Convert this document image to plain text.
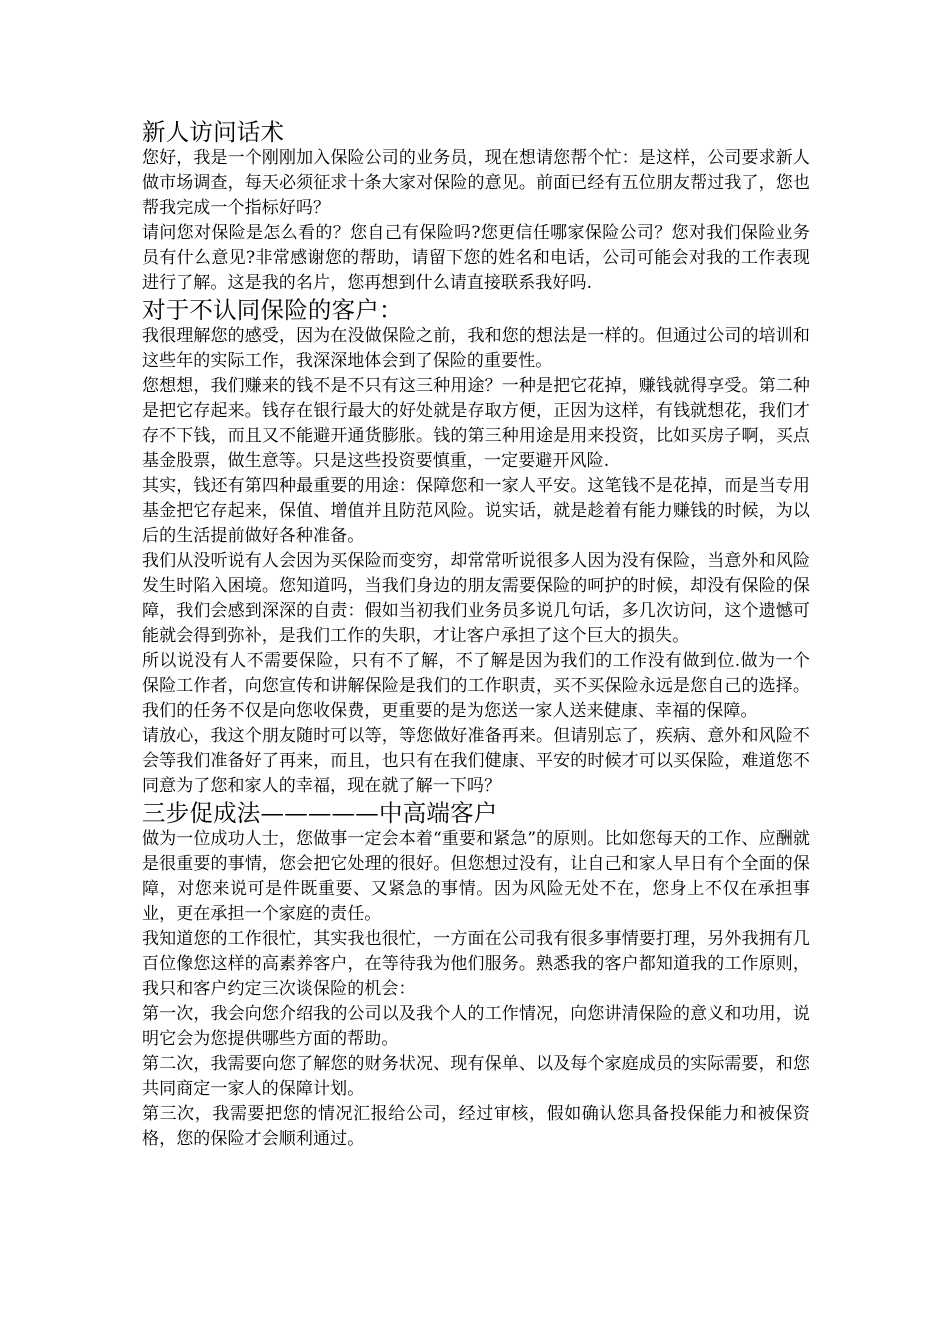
新人访问话术

您好，我是一个刚刚加入保险公司的业务员，现在想请您帮个忙：是这样，公司要求新人做市场调查，每天必须征求十条大家对保险的意见。前面已经有五位朋友帮过我了，您也帮我完成一个指标好吗？

请问您对保险是怎么看的？您自己有保险吗?您更信任哪家保险公司？您对我们保险业务员有什么意见?非常感谢您的帮助，请留下您的姓名和电话，公司可能会对我的工作表现进行了解。这是我的名片，您再想到什么请直接联系我好吗.

对于不认同保险的客户：

我很理解您的感受，因为在没做保险之前，我和您的想法是一样的。但通过公司的培训和这些年的实际工作，我深深地体会到了保险的重要性。

您想想，我们赚来的钱不是不只有这三种用途？一种是把它花掉，赚钱就得享受。第二种是把它存起来。钱存在银行最大的好处就是存取方便，正因为这样，有钱就想花，我们才存不下钱，而且又不能避开通货膨胀。钱的第三种用途是用来投资，比如买房子啊，买点基金股票，做生意等。只是这些投资要慎重，一定要避开风险.

其实，钱还有第四种最重要的用途：保障您和一家人平安。这笔钱不是花掉，而是当专用基金把它存起来，保值、增值并且防范风险。说实话，就是趁着有能力赚钱的时候，为以后的生活提前做好各种准备。

我们从没听说有人会因为买保险而变穷，却常常听说很多人因为没有保险，当意外和风险发生时陷入困境。您知道吗，当我们身边的朋友需要保险的呵护的时候，却没有保险的保障，我们会感到深深的自责：假如当初我们业务员多说几句话，多几次访问，这个遗憾可能就会得到弥补，是我们工作的失职，才让客户承担了这个巨大的损失。

所以说没有人不需要保险，只有不了解，不了解是因为我们的工作没有做到位.做为一个保险工作者，向您宣传和讲解保险是我们的工作职责，买不买保险永远是您自己的选择。我们的任务不仅是向您收保费，更重要的是为您送一家人送来健康、幸福的保障。

请放心，我这个朋友随时可以等，等您做好准备再来。但请别忘了，疾病、意外和风险不会等我们准备好了再来，而且，也只有在我们健康、平安的时候才可以买保险，难道您不同意为了您和家人的幸福，现在就了解一下吗？

三步促成法—————中高端客户

做为一位成功人士，您做事一定会本着“重要和紧急”的原则。比如您每天的工作、应酬就是很重要的事情，您会把它处理的很好。但您想过没有，让自己和家人早日有个全面的保障，对您来说可是件既重要、又紧急的事情。因为风险无处不在，您身上不仅在承担事业，更在承担一个家庭的责任。

我知道您的工作很忙，其实我也很忙，一方面在公司我有很多事情要打理，另外我拥有几百位像您这样的高素养客户，在等待我为他们服务。熟悉我的客户都知道我的工作原则，我只和客户约定三次谈保险的机会：

第一次，我会向您介绍我的公司以及我个人的工作情况，向您讲清保险的意义和功用，说明它会为您提供哪些方面的帮助。

第二次，我需要向您了解您的财务状况、现有保单、以及每个家庭成员的实际需要，和您共同商定一家人的保障计划。

第三次，我需要把您的情况汇报给公司，经过审核，假如确认您具备投保能力和被保资格，您的保险才会顺利通过。
